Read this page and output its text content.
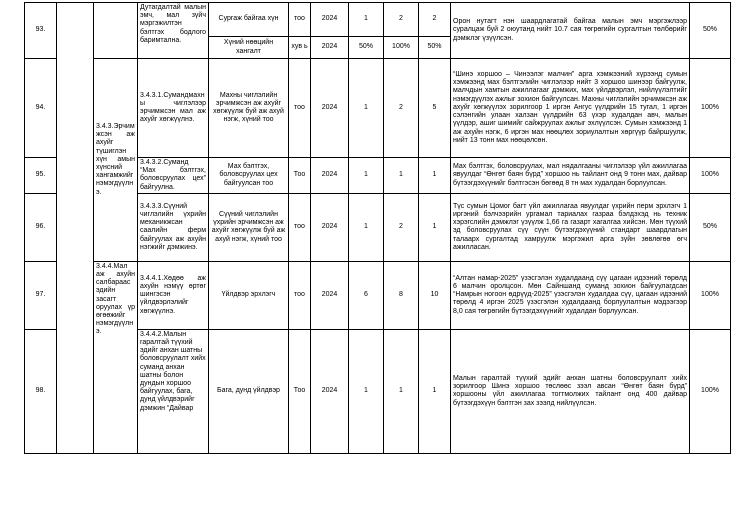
93.			Дутагдалтай малын эмч, мал зүйч мэргэжилтэн бэлтгэх бодлого баримтална.	Сургаж байгаа хүн	тоо	2024	1	2	2	Орон нутагт нэн шаардлагатай байгаа малын эмч мэргэжлээр суралцаж буй 2 оюутанд нийт 10.7 сая төгрөгийн сургалтын төлбөрийг дэмжлэг үзүүлсэн.	50%
				Хүний нөөцийн хангалт	хув ь	2024	50%	100%	50%		
94.		3.4.3.Эрчимжсэн аж ахуйг түшиглэн хүн амын хүнсний хангамжийг нэмэгдүүлнэ.	3.4.3.1.Сумандмахны чиглэлээр эрчимжсэн мал аж ахуйг хөгжүүлнэ.	Махны чиглэлийн эрчимжсэн аж ахуйг хөгжүүлж буй аж ахуй нэгж, хүний тоо	тоо	2024	1	2	5	“Шинэ хоршоо – Чинээлэг малчин” арга хэмжээний хүрээнд сумын хэмжээнд мах бэлтгэлийн чиглэлээр нийт 3 хоршоо шинээр байгуулж, малчдын хамтын ажиллагааг дэмжих, мах үйлдвэрлэл, нийлүүлэлтийг нэмэгдүүлэх ажлыг зохион байгуулсан. Махны чиглэлийн эрчимжсэн аж ахуйг хөгжүүлэх зорилгоор 1 иргэн Ангус үүлдрийн 15 тугал, 1 иргэн сэлэнгийн улаан халзан үүлдрийн 63 үхэр худалдан авч, малын үүлдэр, ашиг шимийг сайжруулах ажлыг эхлүүлсэн. Сумын хэмжээнд 1 аж ахуйн нэгж, 6 иргэн мах нөөцлөх зориулалтын хөргүүр байршуулж, нийт 13 тонн мах нөөцөлсөн.	100%
95.			3.4.3.2.Суманд “Мах бэлтгэх, боловсруулах цех” байгуулна.	Мах бэлтгэх, боловсруулах цех байгуулсан тоо	Тоо	2024	1	1	1	Мах бэлтгэх, боловсруулах, мал нядалгааны чиглэлээр үйл ажиллагаа явуулдаг “Өнгөт баян бүрд” хоршоо нь тайлант онд 9 тонн мах, дайвар бүтээгдэхүүнийг бэлтгэсэн бөгөөд 8 тн мах худалдан борлуулсан.	100%
96.			3.4.3.3.Сүүний чиглэлийн үхрийн механикжсан саалийн ферм байгуулах аж ахуйн нэгжийг дэмжинэ.	Сүүний чиглэлийн үхрийн эрчимжсэн аж ахуйг хөгжүүлж буй аж ахуй нэгж, хүний тоо	тоо	2024	1	2	1	Түс сумын Цомог багт үйл ажиллагаа явуулдаг үхрийн перм эрхлэгч 1 иргэний бэлчээрийн ургамал тариалах газраа бэлдэхэд нь техник хэрэгслийн дэмжлэг үзүүлж 1,66 га газарт хагалгаа хийсэн. Мөн түүхий эд боловсруулах сүү сүүн бүтээгдэхүүний стандарт шаардлагын талаарх сургалтад хамруулж мэргэжил арга зүйн зөвлөгөө өгч ажилласан.	50%
97.		3.4.4.Мал аж ахуйн салбараас эдийн засагт оруулах үр өгөөжийг нэмэгдүүлнэ.	3.4.4.1.Хөдөө аж ахуйн нэмүү өртөг шингэсэн үйлдвэрлэлийг хөгжүүлнэ.	Үйлдвэр эрхлэгч	тоо	2024	6	8	10	“Алтан намар-2025” үзэсгэлэн худалдаанд сүү цагаан идээний төрөлд 6 малчин оролцсон. Мөн Сайншанд суманд зохион байгуулагдсан “Намрын ногоон өдрүүд-2025” үзэсгэлэн худалдаа сүү, цагаан идээний төрөлд 4 иргэн 2025 үзэсгэлэн худалдаанд борлуулалтын мэдээгээр 8,0 сая төгрөгийн бүтээгдэхүүнийг худалдан борлуулсан.	100%
98.			3.4.4.2.Малын гаралтай түүхий эдийг анхан шатны боловсруулалт хийх суманд анхан шатны болон дундын хоршоо байгуулах, бага, дунд үйлдвэрийг дэмжин “Дайвар	Бага, дунд үйлдвэр	Тоо	2024	1	1	1	Малын гаралтай түүхий эдийг анхан шатны боловсруулалт хийх зорилгоор Шинэ хоршоо төслөөс зээл авсан “Өнгөт баян бүрд” хоршооны үйл ажиллагаа тогтмолжих тайлант онд 400 дайвар бүтээгдэхүүн бэлтгэн зах зээлд нийлүүлсэн.	100%
